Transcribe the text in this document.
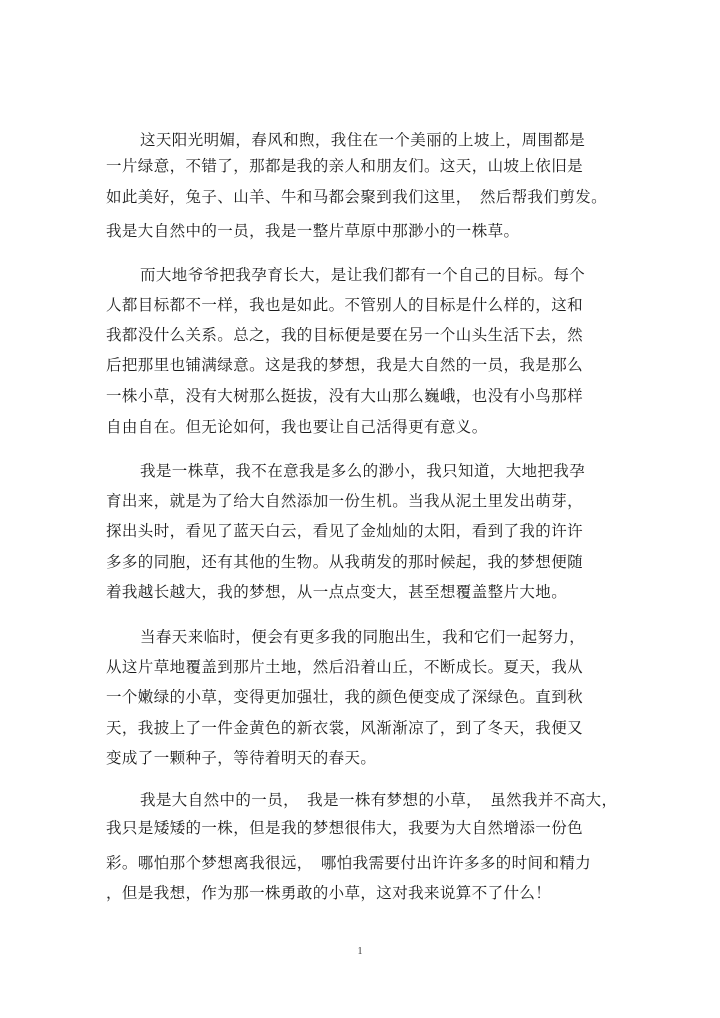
这天阳光明媚，春风和煦，我住在一个美丽的上坡上，周围都是
一片绿意，不错了，那都是我的亲人和朋友们。这天，山坡上依旧是
如此美好，兔子、山羊、牛和马都会聚到我们这里，　然后帮我们剪发。
我是大自然中的一员，我是一整片草原中那渺小的一株草。
而大地爷爷把我孕育长大，是让我们都有一个自己的目标。每个
人都目标都不一样，我也是如此。不管别人的目标是什么样的，这和
我都没什么关系。总之，我的目标便是要在另一个山头生活下去，然
后把那里也铺满绿意。这是我的梦想，我是大自然的一员，我是那么
一株小草，没有大树那么挺拔，没有大山那么巍峨，也没有小鸟那样
自由自在。但无论如何，我也要让自己活得更有意义。
我是一株草，我不在意我是多么的渺小，我只知道，大地把我孕
育出来，就是为了给大自然添加一份生机。当我从泥土里发出萌芽，
探出头时，看见了蓝天白云，看见了金灿灿的太阳，看到了我的许许
多多的同胞，还有其他的生物。从我萌发的那时候起，我的梦想便随
着我越长越大，我的梦想，从一点点变大，甚至想覆盖整片大地。
当春天来临时，便会有更多我的同胞出生，我和它们一起努力，
从这片草地覆盖到那片土地，然后沿着山丘，不断成长。夏天，我从
一个嫩绿的小草，变得更加强壮，我的颜色便变成了深绿色。直到秋
天，我披上了一件金黄色的新衣裳，风渐渐凉了，到了冬天，我便又
变成了一颗种子，等待着明天的春天。
我是大自然中的一员，　我是一株有梦想的小草，　虽然我并不高大，
我只是矮矮的一株，但是我的梦想很伟大，我要为大自然增添一份色
彩。哪怕那个梦想离我很远，　哪怕我需要付出许许多多的时间和精力
，但是我想，作为那一株勇敢的小草，这对我来说算不了什么！
1
